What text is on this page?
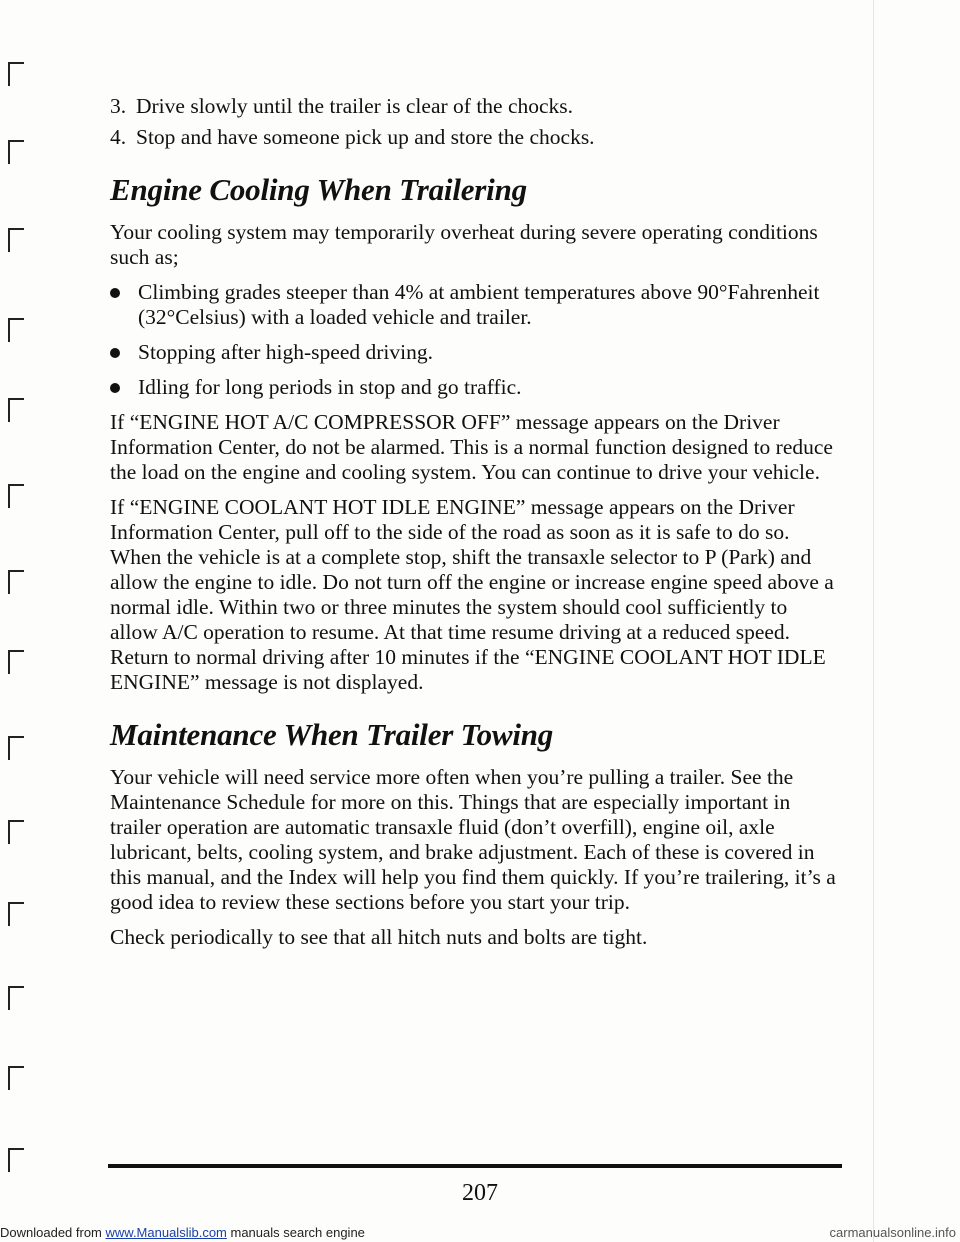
3. Drive slowly until the trailer is clear of the chocks.
4. Stop and have someone pick up and store the chocks.
Engine Cooling When Trailering

Your cooling system may temporarily overheat during severe operating conditions such as;

Climbing grades steeper than 4% at ambient temperatures above 90°Fahrenheit (32°Celsius) with a loaded vehicle and trailer.
Stopping after high-speed driving.
Idling for long periods in stop and go traffic.

If “ENGINE HOT A/C COMPRESSOR OFF” message appears on the Driver Information Center, do not be alarmed. This is a normal function designed to reduce the load on the engine and cooling system. You can continue to drive your vehicle.

If “ENGINE COOLANT HOT IDLE ENGINE” message appears on the Driver Information Center, pull off to the side of the road as soon as it is safe to do so. When the vehicle is at a complete stop, shift the transaxle selector to P (Park) and allow the engine to idle. Do not turn off the engine or increase engine speed above a normal idle. Within two or three minutes the system should cool sufficiently to allow A/C operation to resume. At that time resume driving at a reduced speed. Return to normal driving after 10 minutes if the “ENGINE COOLANT HOT IDLE ENGINE” message is not displayed.

Maintenance When Trailer Towing

Your vehicle will need service more often when you’re pulling a trailer. See the Maintenance Schedule for more on this. Things that are especially important in trailer operation are automatic transaxle fluid (don’t overfill), engine oil, axle lubricant, belts, cooling system, and brake adjustment. Each of these is covered in this manual, and the Index will help you find them quickly. If you’re trailering, it’s a good idea to review these sections before you start your trip.

Check periodically to see that all hitch nuts and bolts are tight.

207
Downloaded from www.Manualslib.com manuals search engine	carmanualsonline.info
